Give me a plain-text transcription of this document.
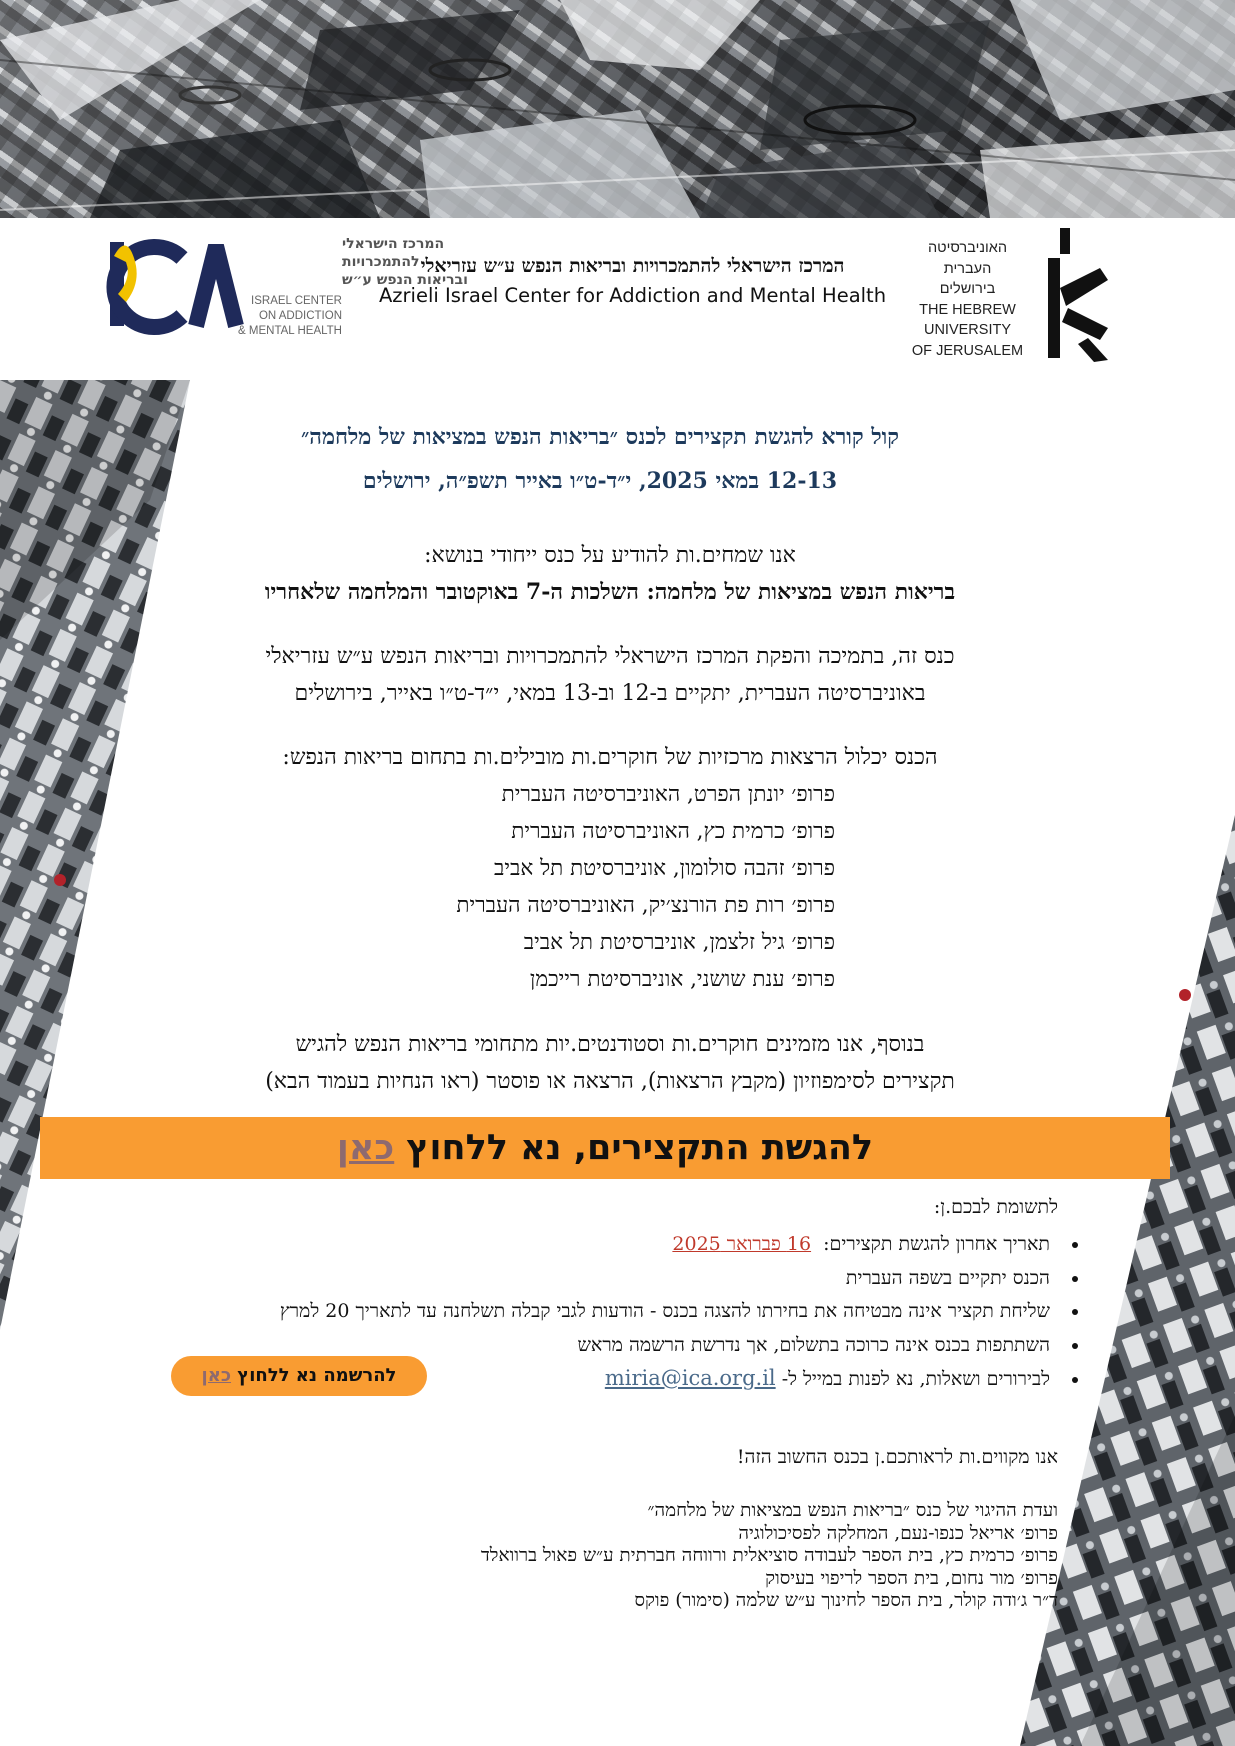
המרכז הישראלי
להתמכרויות
ובריאות הנפש ע״ש
ISRAEL CENTER
ON ADDICTION
& MENTAL HEALTH
המרכז הישראלי להתמכרויות ובריאות הנפש ע״ש עזריאלי
Azrieli Israel Center for Addiction and Mental Health
האוניברסיטה
העברית
בירושלים
THE HEBREW
UNIVERSITY
OF JERUSALEM
קול קורא להגשת תקצירים לכנס ״בריאות הנפש במציאות של מלחמה״
12-13 במאי 2025, י״ד-ט״ו באייר תשפ״ה, ירושלים
אנו שמחים.ות להודיע על כנס ייחודי בנושא:
בריאות הנפש במציאות של מלחמה: השלכות ה-7 באוקטובר והמלחמה שלאחריו
כנס זה, בתמיכה והפקת המרכז הישראלי להתמכרויות ובריאות הנפש ע״ש עזריאלי
באוניברסיטה העברית, יתקיים ב-12 וב-13 במאי, י״ד-ט״ו באייר, בירושלים
הכנס יכלול הרצאות מרכזיות של חוקרים.ות מובילים.ות בתחום בריאות הנפש:
פרופ׳ יונתן הפרט, האוניברסיטה העברית
פרופ׳ כרמית כץ, האוניברסיטה העברית
פרופ׳ זהבה סולומון, אוניברסיטת תל אביב
פרופ׳ רות פת הורנצ׳יק, האוניברסיטה העברית
פרופ׳ גיל זלצמן, אוניברסיטת תל אביב
פרופ׳ ענת שושני, אוניברסיטת רייכמן
בנוסף, אנו מזמינים חוקרים.ות וסטודנטים.יות מתחומי בריאות הנפש להגיש
תקצירים לסימפוזיון (מקבץ הרצאות), הרצאה או פוסטר (ראו הנחיות בעמוד הבא)
להגשת התקצירים, נא ללחוץ כאן
לתשומת לבכם.ן:
• תאריך אחרון להגשת תקצירים:  16 פברואר 2025
• הכנס יתקיים בשפה העברית
• שליחת תקציר אינה מבטיחה את בחירתו להצגה בכנס - הודעות לגבי קבלה תשלחנה עד לתאריך 20 למרץ
• השתתפות בכנס אינה כרוכה בתשלום, אך נדרשת הרשמה מראש
• לבירורים ושאלות, נא לפנות במייל ל- miria@ica.org.il
להרשמה נא ללחוץ כאן
אנו מקווים.ות לראותכם.ן בכנס החשוב הזה!
ועדת ההיגוי של כנס ״בריאות הנפש במציאות של מלחמה״
פרופ׳ אריאל כנפו-נעם, המחלקה לפסיכולוגיה
פרופ׳ כרמית כץ, בית הספר לעבודה סוציאלית ורווחה חברתית ע״ש פאול ברוואלד
פרופ׳ מור נחום, בית הספר לריפוי בעיסוק
ד״ר ג׳ודה קולר, בית הספר לחינוך ע״ש שלמה (סימור) פוקס
